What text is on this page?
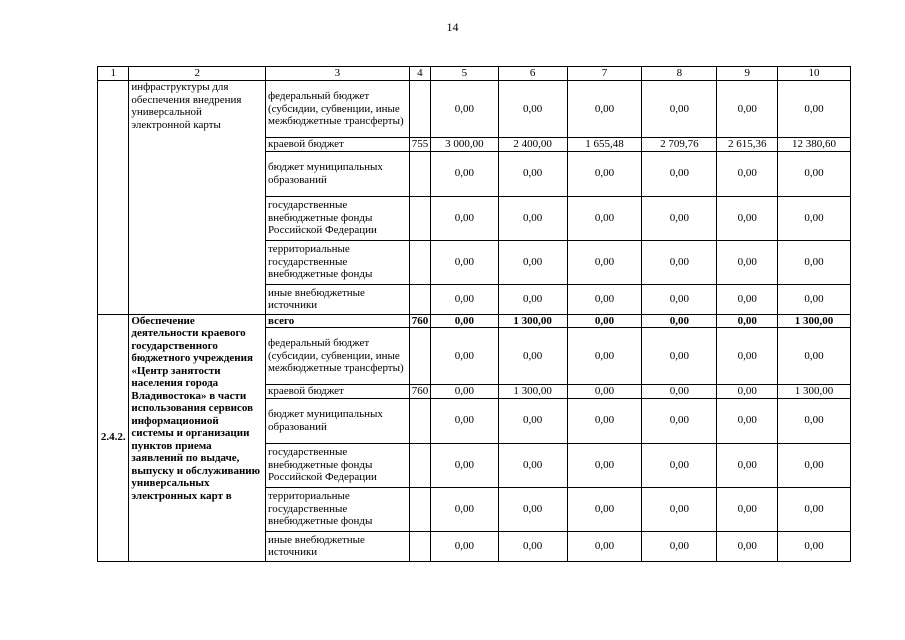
14
1	2	3	4	5	6	7	8	9	10
	инфраструктуры для обеспечения внедрения универсальной электронной карты	федеральный бюджет (субсидии, субвенции, иные межбюджетные трансферты)		0,00	0,00	0,00	0,00	0,00	0,00
		краевой бюджет	755	3 000,00	2 400,00	1 655,48	2 709,76	2 615,36	12 380,60
		бюджет муниципальных образований		0,00	0,00	0,00	0,00	0,00	0,00
		государственные внебюджетные фонды Российской Федерации		0,00	0,00	0,00	0,00	0,00	0,00
		территориальные государственные внебюджетные фонды		0,00	0,00	0,00	0,00	0,00	0,00
		иные внебюджетные источники		0,00	0,00	0,00	0,00	0,00	0,00
2.4.2.	Обеспечение деятельности краевого государственного бюджетного учреждения «Центр занятости населения города Владивостока» в части использования сервисов информациониой системы и организации пунктов приема заявлений по выдаче, выпуску и обслуживанию универсальных электронных карт в	всего	760	0,00	1 300,00	0,00	0,00	0,00	1 300,00
		федеральный бюджет (субсидии, субвенции, иные межбюджетные трансферты)		0,00	0,00	0,00	0,00	0,00	0,00
		краевой бюджет	760	0,00	1 300,00	0,00	0,00	0,00	1 300,00
		бюджет муниципальных образований		0,00	0,00	0,00	0,00	0,00	0,00
		государственные внебюджетные фонды Российской Федерации		0,00	0,00	0,00	0,00	0,00	0,00
		территориальные государственные внебюджетные фонды		0,00	0,00	0,00	0,00	0,00	0,00
		иные внебюджетные источники		0,00	0,00	0,00	0,00	0,00	0,00
